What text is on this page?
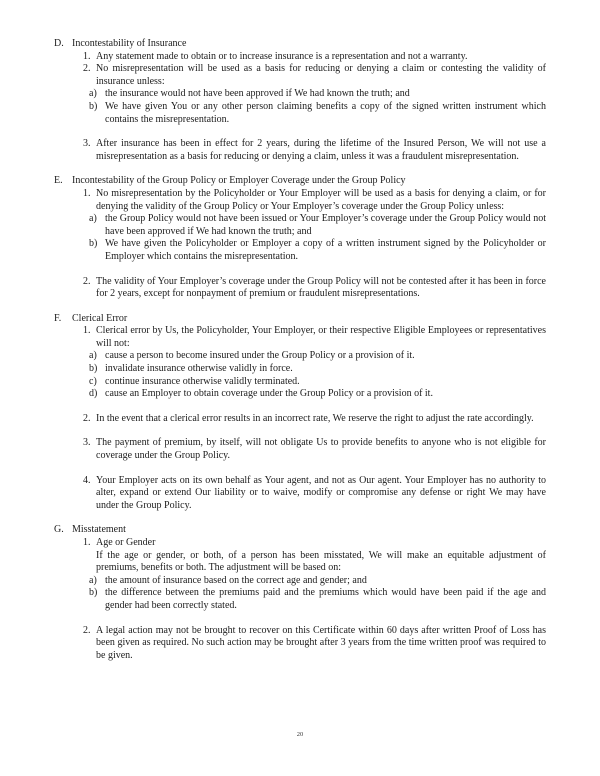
D. Incontestability of Insurance
1. Any statement made to obtain or to increase insurance is a representation and not a warranty.
2. No misrepresentation will be used as a basis for reducing or denying a claim or contesting the validity of insurance unless:
a) the insurance would not have been approved if We had known the truth; and
b) We have given You or any other person claiming benefits a copy of the signed written instrument which contains the misrepresentation.
3. After insurance has been in effect for 2 years, during the lifetime of the Insured Person, We will not use a misrepresentation as a basis for reducing or denying a claim, unless it was a fraudulent misrepresentation.
E. Incontestability of the Group Policy or Employer Coverage under the Group Policy
1. No misrepresentation by the Policyholder or Your Employer will be used as a basis for denying a claim, or for denying the validity of the Group Policy or Your Employer’s coverage under the Group Policy unless:
a) the Group Policy would not have been issued or Your Employer’s coverage under the Group Policy would not have been approved if We had known the truth; and
b) We have given the Policyholder or Employer a copy of a written instrument signed by the Policyholder or Employer which contains the misrepresentation.
2. The validity of Your Employer’s coverage under the Group Policy will not be contested after it has been in force for 2 years, except for nonpayment of premium or fraudulent misrepresentations.
F. Clerical Error
1. Clerical error by Us, the Policyholder, Your Employer, or their respective Eligible Employees or representatives will not:
a) cause a person to become insured under the Group Policy or a provision of it.
b) invalidate insurance otherwise validly in force.
c) continue insurance otherwise validly terminated.
d) cause an Employer to obtain coverage under the Group Policy or a provision of it.
2. In the event that a clerical error results in an incorrect rate, We reserve the right to adjust the rate accordingly.
3. The payment of premium, by itself, will not obligate Us to provide benefits to anyone who is not eligible for coverage under the Group Policy.
4. Your Employer acts on its own behalf as Your agent, and not as Our agent. Your Employer has no authority to alter, expand or extend Our liability or to waive, modify or compromise any defense or right We may have under the Group Policy.
G. Misstatement
1. Age or Gender
If the age or gender, or both, of a person has been misstated, We will make an equitable adjustment of premiums, benefits or both. The adjustment will be based on:
a) the amount of insurance based on the correct age and gender; and
b) the difference between the premiums paid and the premiums which would have been paid if the age and gender had been correctly stated.
2. A legal action may not be brought to recover on this Certificate within 60 days after written Proof of Loss has been given as required. No such action may be brought after 3 years from the time written proof was required to be given.
20
